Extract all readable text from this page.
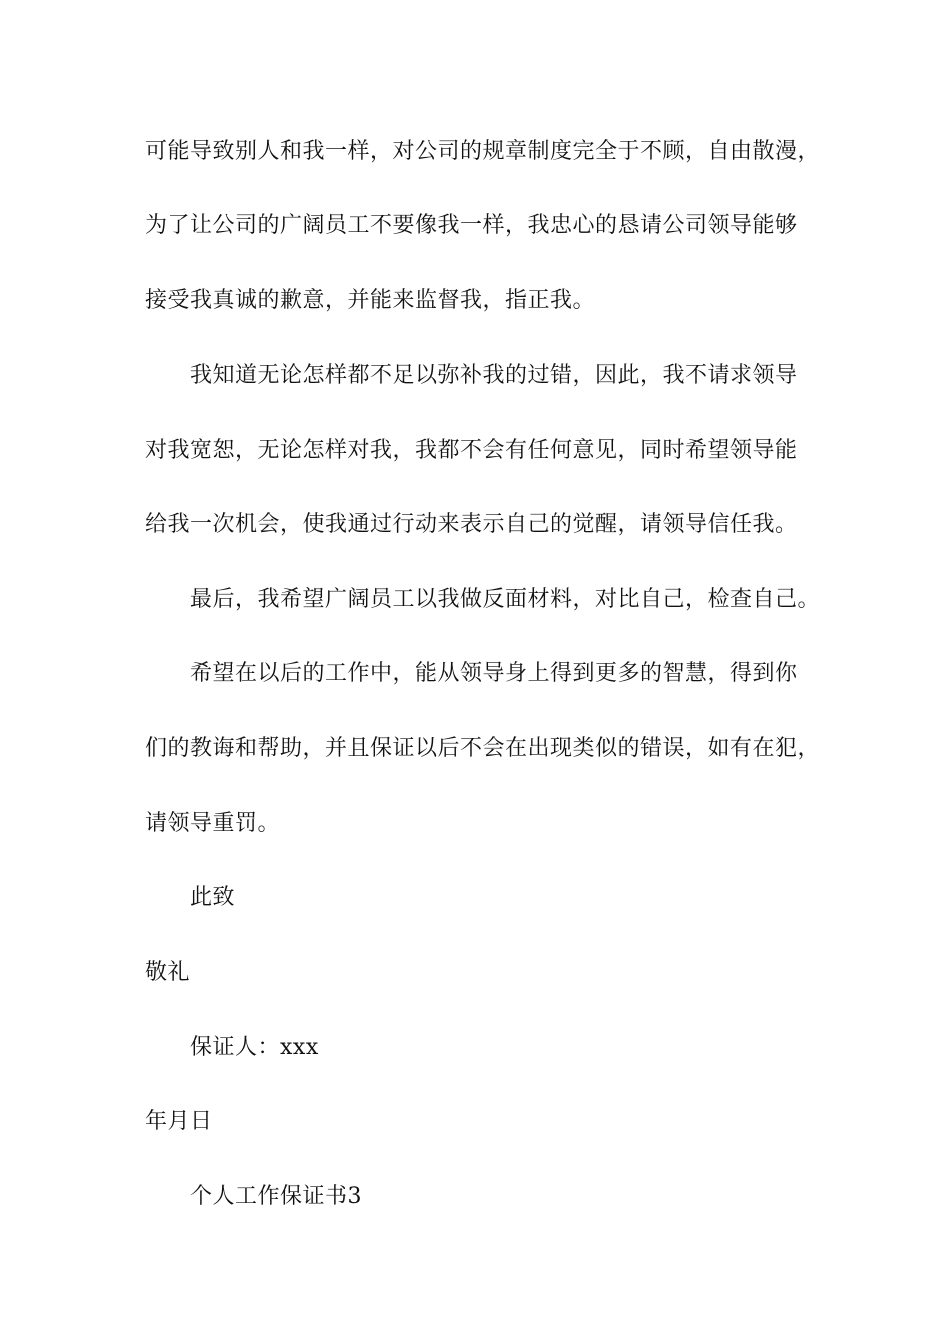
可能导致别人和我一样，对公司的规章制度完全于不顾，自由散漫，
为了让公司的广阔员工不要像我一样，我忠心的恳请公司领导能够
接受我真诚的歉意，并能来监督我，指正我。
我知道无论怎样都不足以弥补我的过错，因此，我不请求领导
对我宽恕，无论怎样对我，我都不会有任何意见，同时希望领导能
给我一次机会，使我通过行动来表示自己的觉醒，请领导信任我。
最后，我希望广阔员工以我做反面材料，对比自己，检查自己。
希望在以后的工作中，能从领导身上得到更多的智慧，得到你
们的教诲和帮助，并且保证以后不会在出现类似的错误，如有在犯，
请领导重罚。
此致
敬礼
保证人：xxx
年月日
个人工作保证书3
